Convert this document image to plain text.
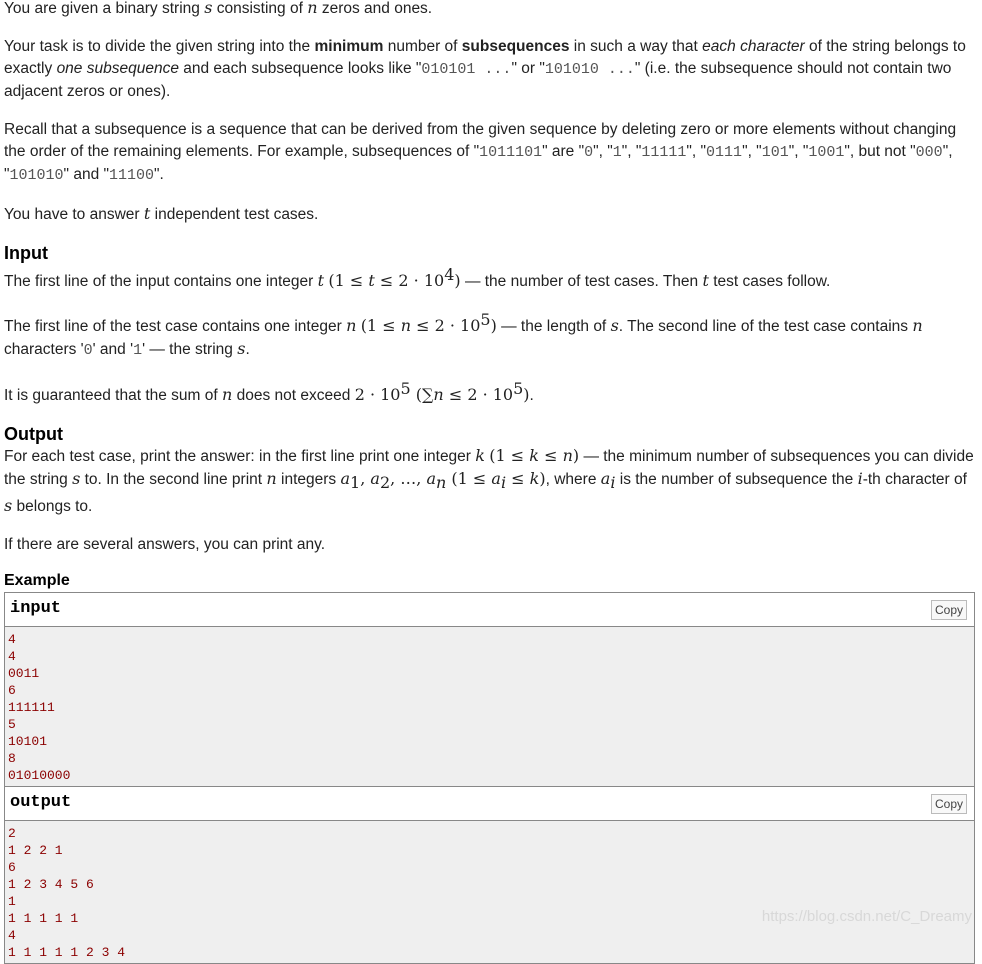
You are given a binary string s consisting of n zeros and ones.

Your task is to divide the given string into the minimum number of subsequences in such a way that each character of the string belongs to exactly one subsequence and each subsequence looks like "010101 ..." or "101010 ..." (i.e. the subsequence should not contain two adjacent zeros or ones).

Recall that a subsequence is a sequence that can be derived from the given sequence by deleting zero or more elements without changing the order of the remaining elements. For example, subsequences of "1011101" are "0", "1", "11111", "0111", "101", "1001", but not "000", "101010" and "11100".

You have to answer t independent test cases.

Input

The first line of the input contains one integer t $(1 \le t \le 2 \cdot 10^4)$ — the number of test cases. Then t test cases follow.

The first line of the test case contains one integer n $(1 \le n \le 2 \cdot 10^5)$ — the length of s. The second line of the test case contains n characters '0' and '1' — the string s.

It is guaranteed that the sum of n does not exceed $2 \cdot 10^5$ $(\sum n \le 2 \cdot 10^5)$.

Output

For each test case, print the answer: in the first line print one integer k (1 ≤ k ≤ n) — the minimum number of subsequences you can divide the string s to. In the second line print n integers $a_1$, $a_2$, …, $a_n$ $(1 \le a_i \le k)$, where $a_i$ is the number of subsequence the i-th character of s belongs to.

If there are several answers, you can print any.

Example
input	Copy
4
4
0011
6
111111
5
10101
8
01010000
output	Copy
2
1 2 2 1
6
1 2 3 4 5 6
1
1 1 1 1 1
4
1 1 1 1 1 2 3 4
https://blog.csdn.net/C_Dreamy
